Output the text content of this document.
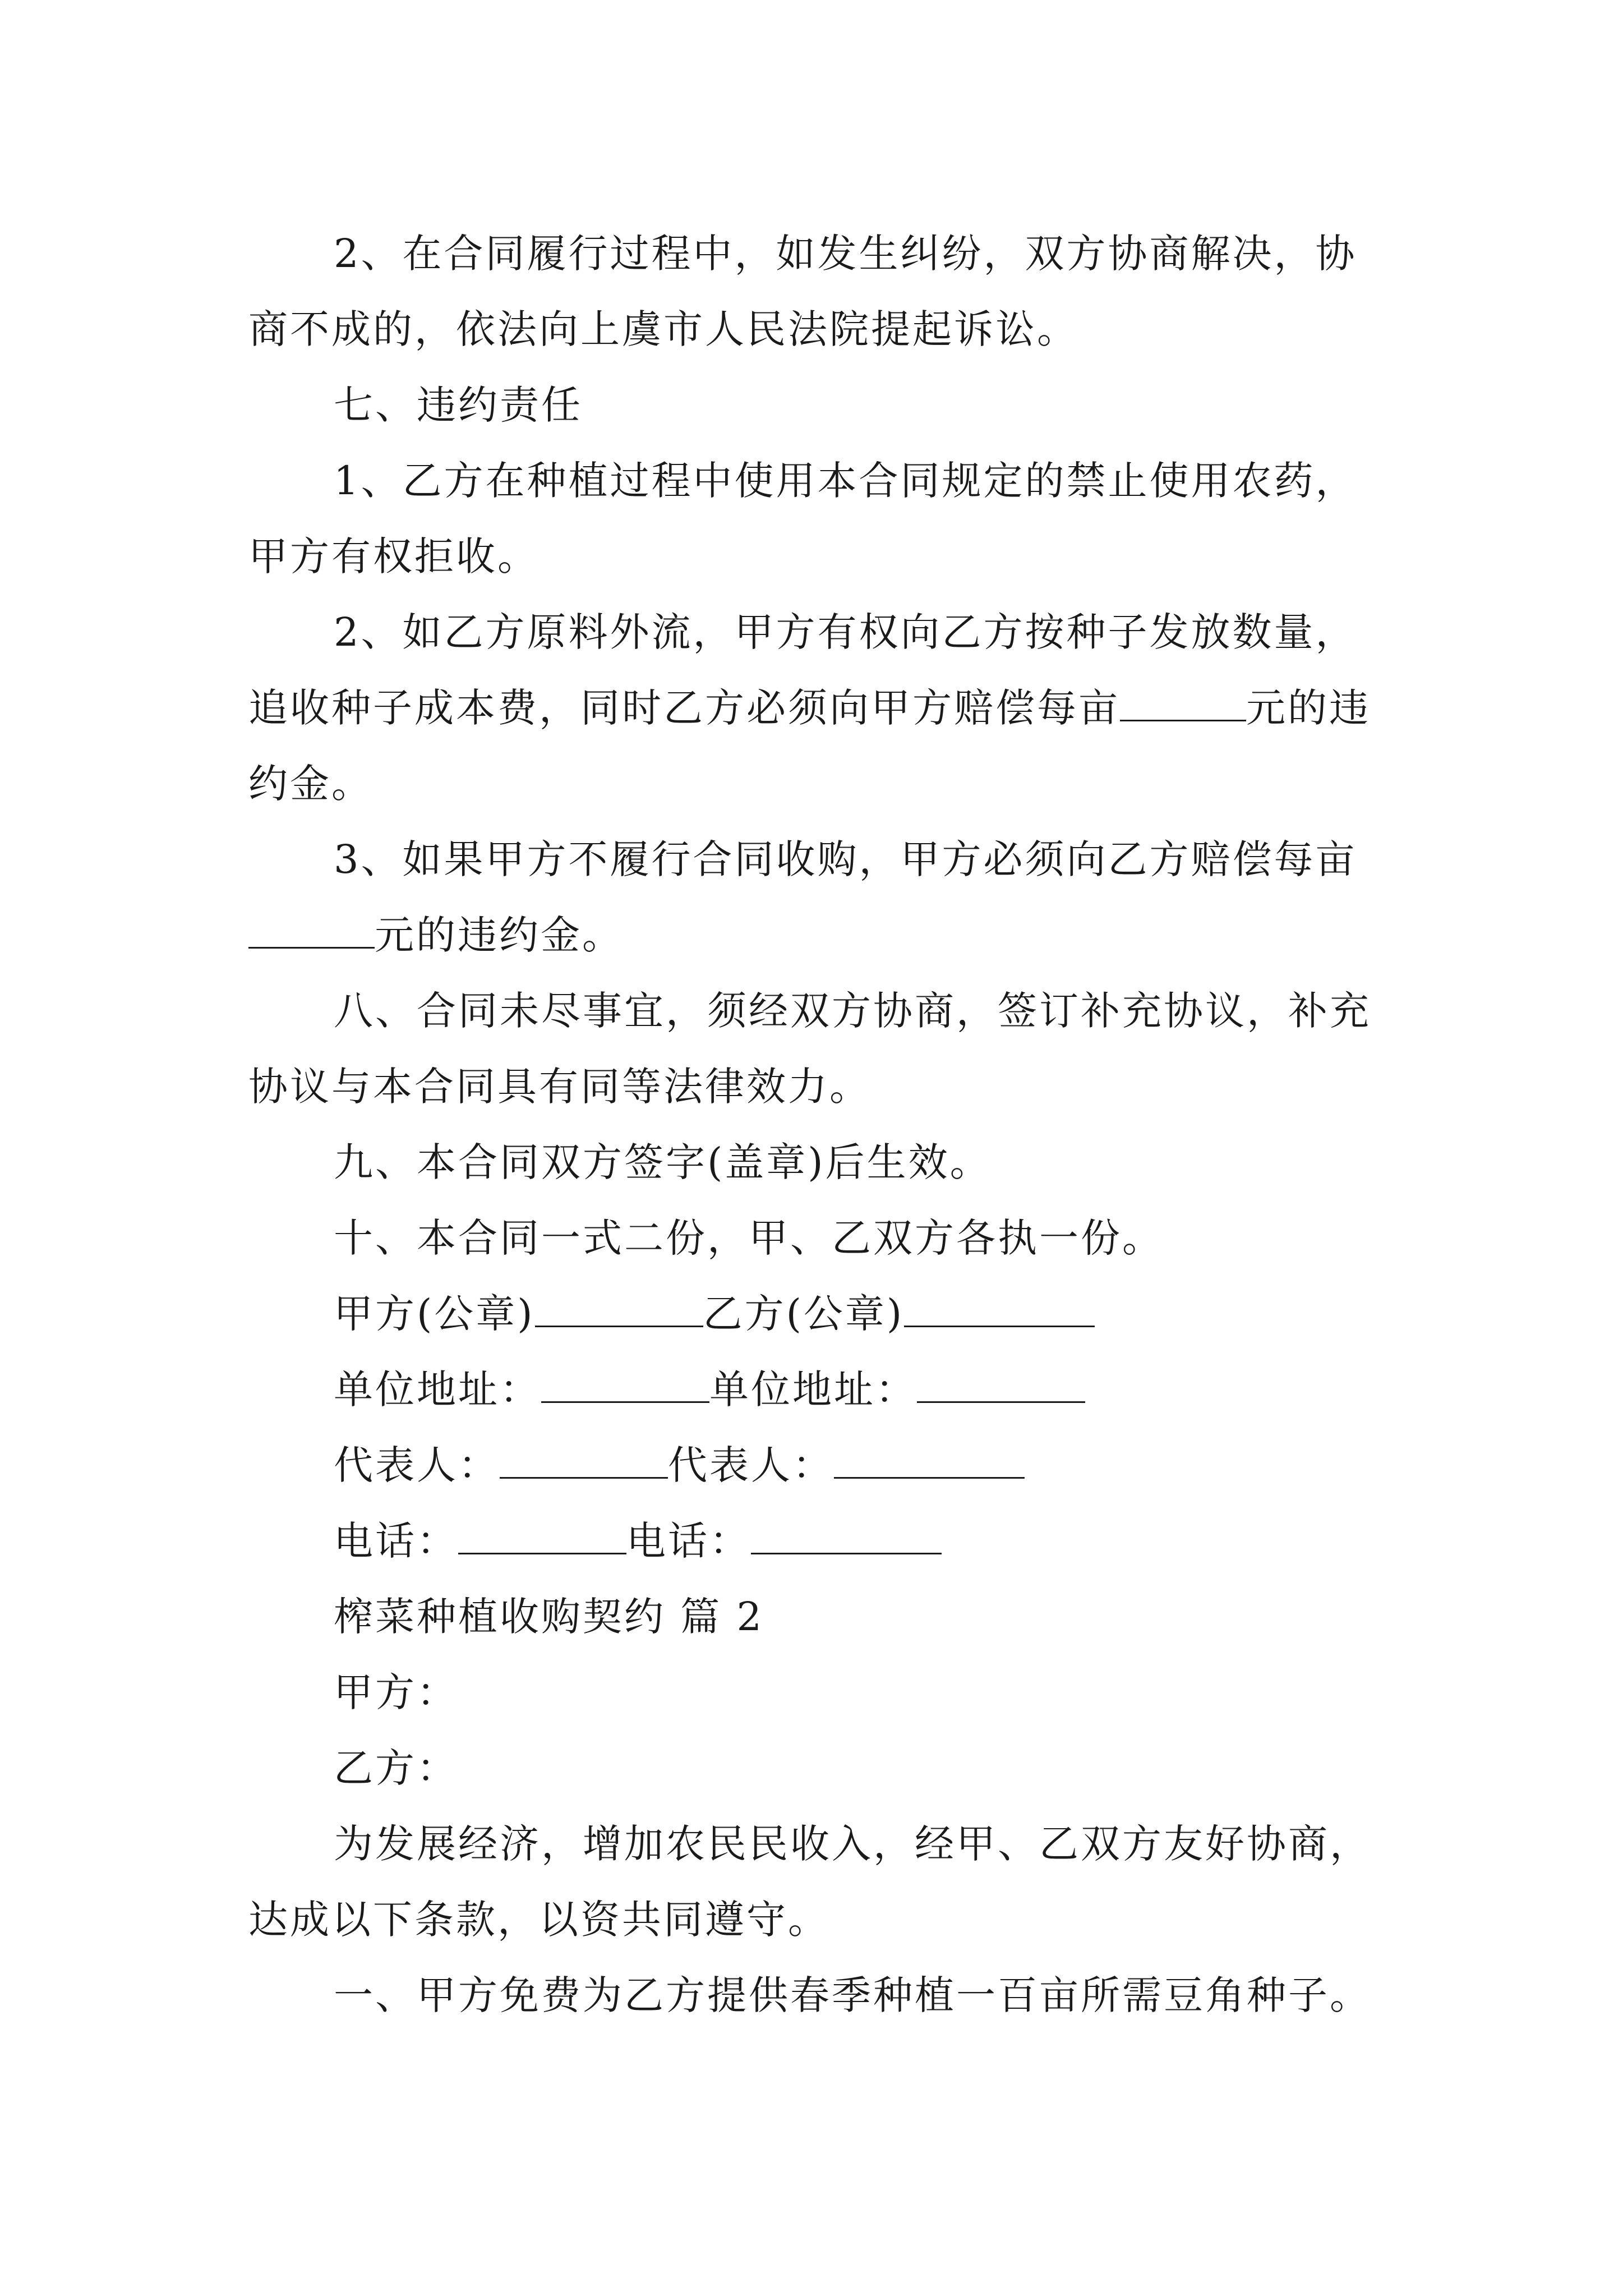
2、在合同履行过程中，如发生纠纷，双方协商解决，协商不成的，依法向上虞市人民法院提起诉讼。

七、违约责任

1、乙方在种植过程中使用本合同规定的禁止使用农药，甲方有权拒收。

2、如乙方原料外流，甲方有权向乙方按种子发放数量，追收种子成本费，同时乙方必须向甲方赔偿每亩	元的违约金。

3、如果甲方不履行合同收购，甲方必须向乙方赔偿每亩元的违约金。

八、合同未尽事宜，须经双方协商，签订补充协议，补充协议与本合同具有同等法律效力。

九、本合同双方签字(盖章)后生效。

十、本合同一式二份，甲、乙双方各执一份。

甲方(公章)	乙方(公章)

单位地址：	单位地址：

代表人：	代表人：

电话：	电话：

榨菜种植收购契约 篇 2

甲方：

乙方：

为发展经济，增加农民民收入，经甲、乙双方友好协商，达成以下条款，以资共同遵守。

一、甲方免费为乙方提供春季种植一百亩所需豆角种子。
